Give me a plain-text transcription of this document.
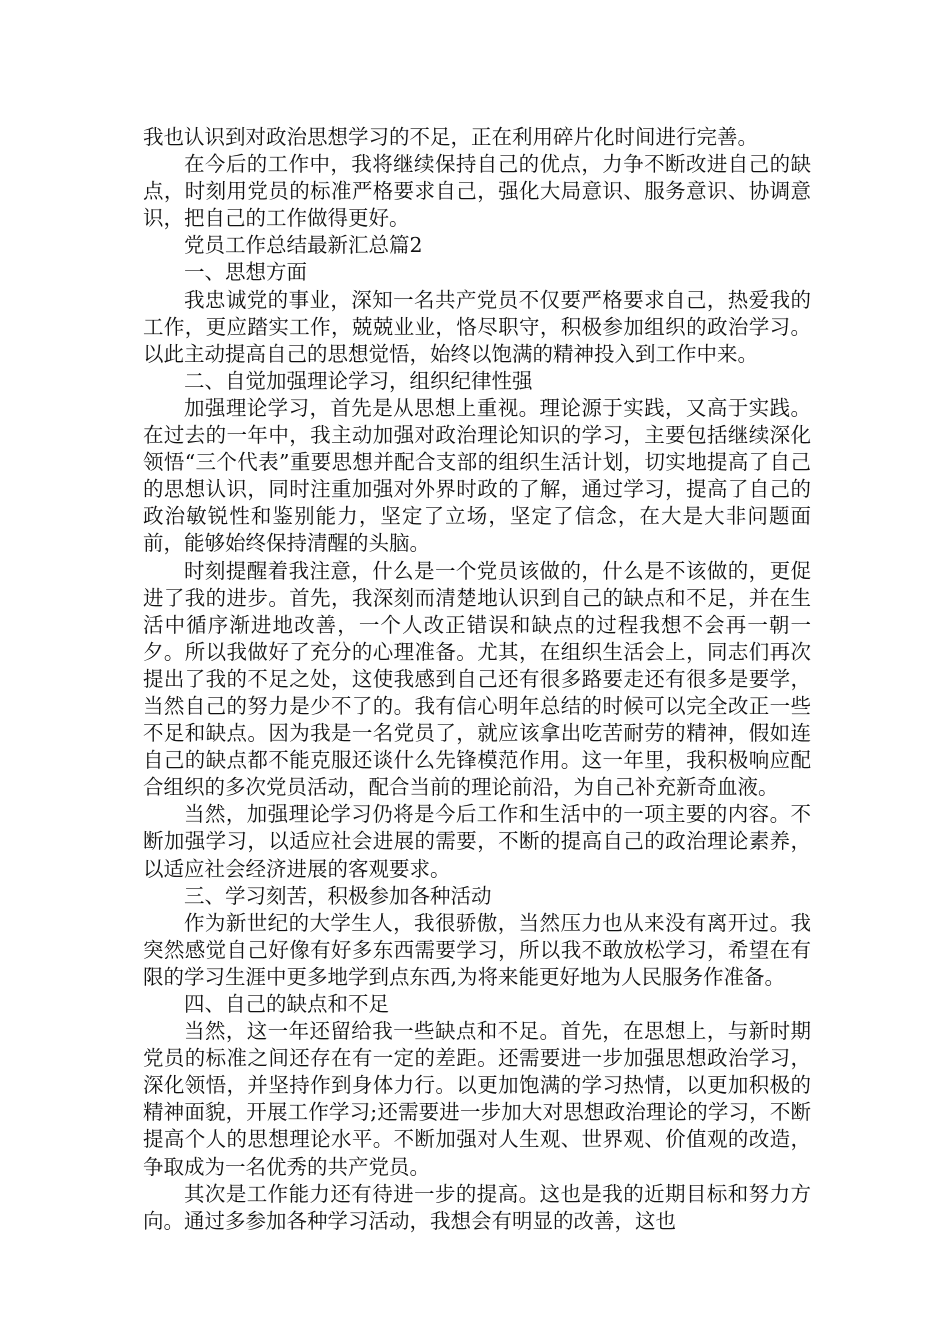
我也认识到对政治思想学习的不足，正在利用碎片化时间进行完善。

在今后的工作中，我将继续保持自己的优点，力争不断改进自己的缺点，时刻用党员的标准严格要求自己，强化大局意识、服务意识、协调意识，把自己的工作做得更好。

党员工作总结最新汇总篇2

一、思想方面

我忠诚党的事业，深知一名共产党员不仅要严格要求自己，热爱我的工作，更应踏实工作，兢兢业业，恪尽职守，积极参加组织的政治学习。以此主动提高自己的思想觉悟，始终以饱满的精神投入到工作中来。

二、自觉加强理论学习，组织纪律性强

加强理论学习，首先是从思想上重视。理论源于实践，又高于实践。在过去的一年中，我主动加强对政治理论知识的学习，主要包括继续深化领悟“三个代表”重要思想并配合支部的组织生活计划，切实地提高了自己的思想认识，同时注重加强对外界时政的了解，通过学习，提高了自己的政治敏锐性和鉴别能力，坚定了立场，坚定了信念，在大是大非问题面前，能够始终保持清醒的头脑。

时刻提醒着我注意，什么是一个党员该做的，什么是不该做的，更促进了我的进步。首先，我深刻而清楚地认识到自己的缺点和不足，并在生活中循序渐进地改善，一个人改正错误和缺点的过程我想不会再一朝一夕。所以我做好了充分的心理准备。尤其，在组织生活会上，同志们再次提出了我的不足之处，这使我感到自己还有很多路要走还有很多是要学，当然自己的努力是少不了的。我有信心明年总结的时候可以完全改正一些不足和缺点。因为我是一名党员了，就应该拿出吃苦耐劳的精神，假如连自己的缺点都不能克服还谈什么先锋模范作用。这一年里，我积极响应配合组织的多次党员活动，配合当前的理论前沿，为自己补充新奇血液。

当然，加强理论学习仍将是今后工作和生活中的一项主要的内容。不断加强学习，以适应社会进展的需要，不断的提高自己的政治理论素养，以适应社会经济进展的客观要求。

三、学习刻苦，积极参加各种活动

作为新世纪的大学生人，我很骄傲，当然压力也从来没有离开过。我突然感觉自己好像有好多东西需要学习，所以我不敢放松学习，希望在有限的学习生涯中更多地学到点东西,为将来能更好地为人民服务作准备。

四、自己的缺点和不足

当然，这一年还留给我一些缺点和不足。首先，在思想上，与新时期党员的标准之间还存在有一定的差距。还需要进一步加强思想政治学习，深化领悟，并坚持作到身体力行。以更加饱满的学习热情，以更加积极的精神面貌，开展工作学习;还需要进一步加大对思想政治理论的学习，不断提高个人的思想理论水平。不断加强对人生观、世界观、价值观的改造，争取成为一名优秀的共产党员。

其次是工作能力还有待进一步的提高。这也是我的近期目标和努力方向。通过多参加各种学习活动，我想会有明显的改善，这也
